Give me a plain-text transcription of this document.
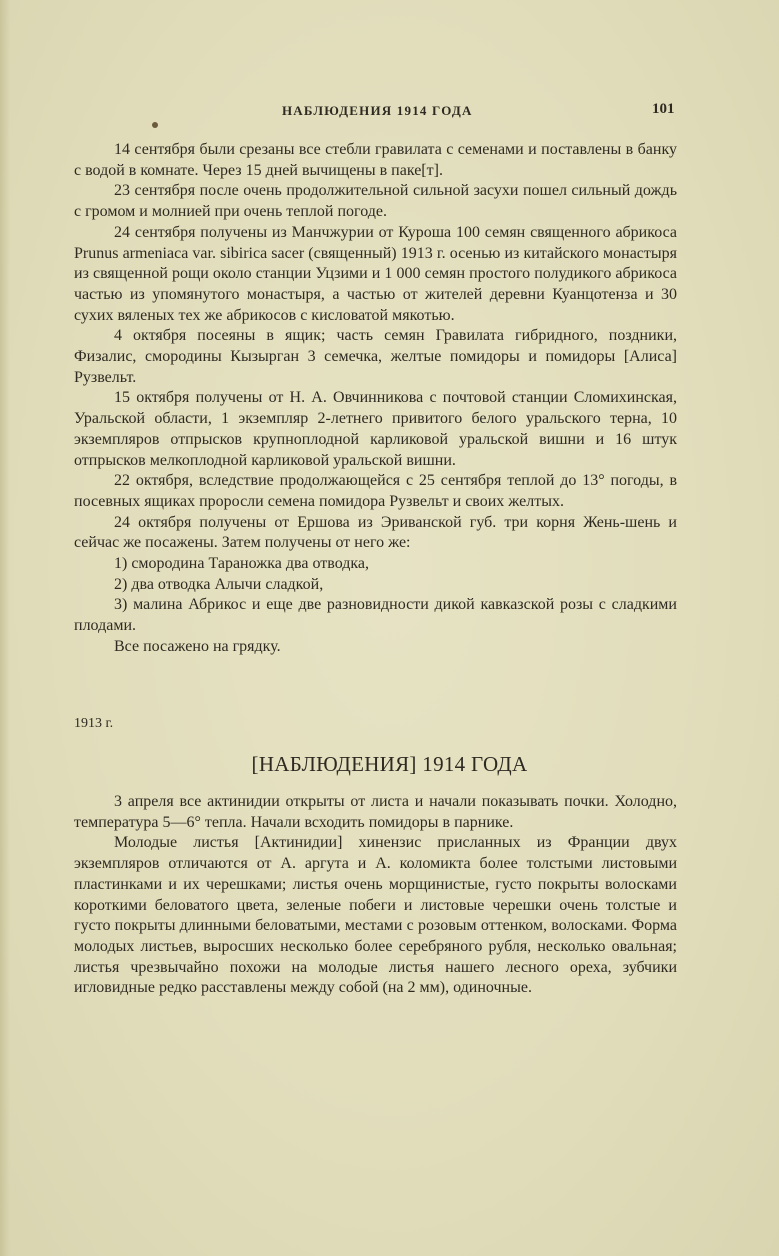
НАБЛЮДЕНИЯ 1914 ГОДА	101

14 сентября были срезаны все стебли гравилата с семенами и поставлены в банку с водой в комнате. Через 15 дней вычищены в паке[т].

23 сентября после очень продолжительной сильной засухи пошел сильный дождь с громом и молнией при очень теплой погоде.

24 сентября получены из Манчжурии от Куроша 100 семян священного абрикоса Prunus armeniaca var. sibirica sacer (священный) 1913 г. осенью из китайского монастыря из священной рощи около станции Уцзими и 1 000 семян простого полудикого абрикоса частью из упомянутого монастыря, а частью от жителей деревни Куанцотенза и 30 сухих вяленых тех же абрикосов с кисловатой мякотью.

4 октября посеяны в ящик; часть семян Гравилата гибридного, поздники, Физалис, смородины Кызырган 3 семечка, желтые помидоры и помидоры [Алиса] Рузвельт.

15 октября получены от Н. А. Овчинникова с почтовой станции Сломихинская, Уральской области, 1 экземпляр 2-летнего привитого белого уральского терна, 10 экземпляров отпрысков крупноплодной карликовой уральской вишни и 16 штук отпрысков мелкоплодной карликовой уральской вишни.

22 октября, вследствие продолжающейся с 25 сентября теплой до 13° погоды, в посевных ящиках проросли семена помидора Рузвельт и своих желтых.

24 октября получены от Ершова из Эриванской губ. три корня Жень-шень и сейчас же посажены. Затем получены от него же:

1) смородина Тараножка два отводка,

2) два отводка Алычи сладкой,

3) малина Абрикос и еще две разновидности дикой кавказской розы с сладкими плодами.

Все посажено на грядку.

1913 г.
[НАБЛЮДЕНИЯ] 1914 ГОДА

3 апреля все актинидии открыты от листа и начали показывать почки. Холодно, температура 5—6° тепла. Начали всходить помидоры в парнике.

Молодые листья [Актинидии] хинензис присланных из Франции двух экземпляров отличаются от А. аргута и А. коломикта более толстыми листовыми пластинками и их черешками; листья очень морщинистые, густо покрыты волосками короткими беловатого цвета, зеленые побеги и листовые черешки очень толстые и густо покрыты длинными беловатыми, местами с розовым оттенком, волосками. Форма молодых листьев, выросших несколько более серебряного рубля, несколько овальная; листья чрезвычайно похожи на молодые листья нашего лесного ореха, зубчики игловидные редко расставлены между собой (на 2 мм), одиночные.
